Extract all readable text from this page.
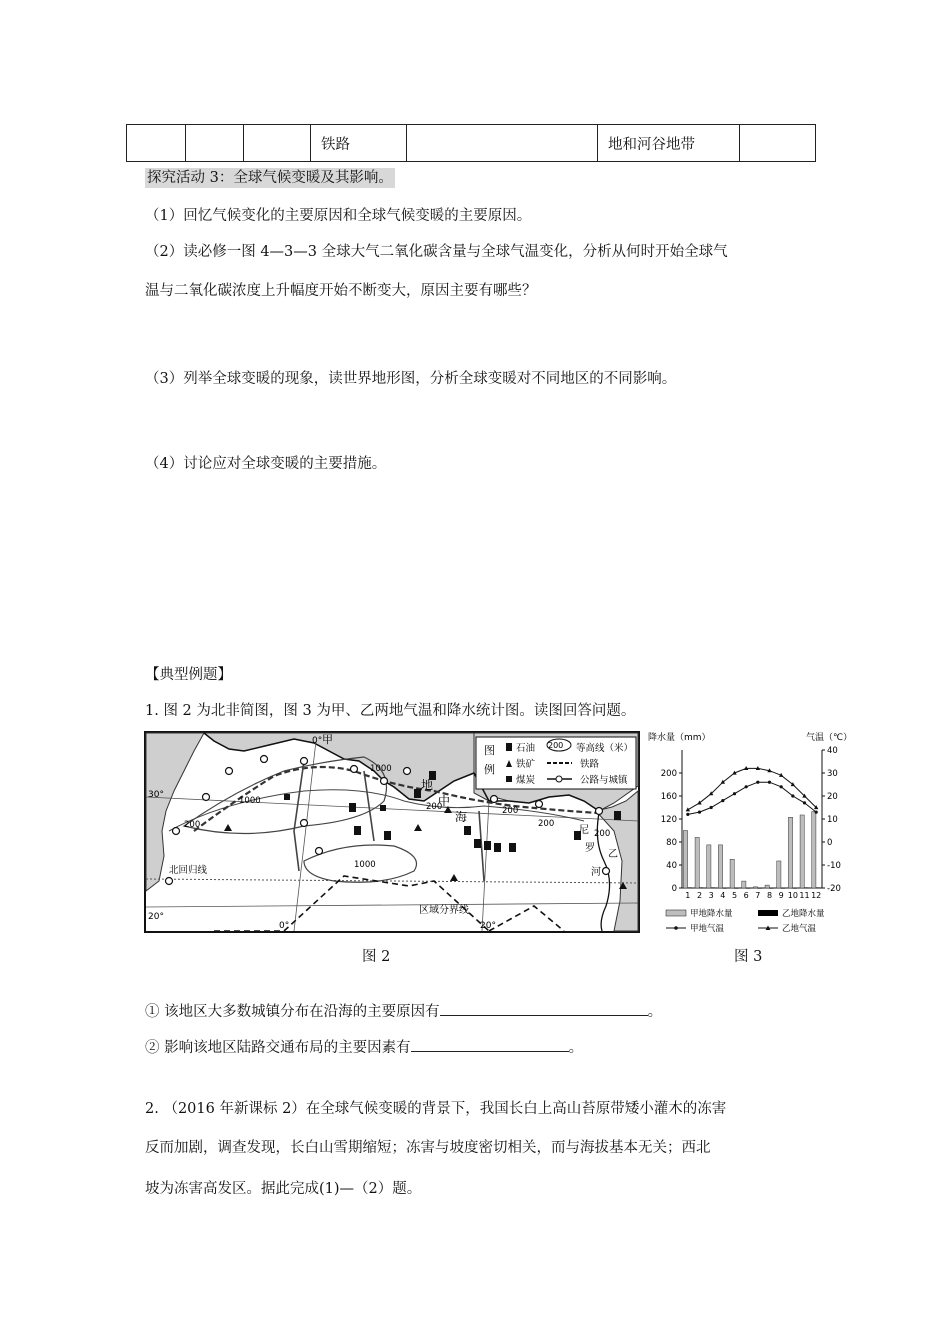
			铁路		地和河谷地带	
探究活动 3：全球气候变暖及其影响。
（1）回忆气候变化的主要原因和全球气候变暖的主要原因。
（2）读必修一图 4—3—3 全球大气二氧化碳含量与全球气温变化，分析从何时开始全球气
温与二氧化碳浓度上升幅度开始不断变大，原因主要有哪些？
（3）列举全球变暖的现象，读世界地形图，分析全球变暖对不同地区的不同影响。
（4）讨论应对全球变暖的主要措施。
【典型例题】
1. 图 2 为北非简图，图 3 为甲、乙两地气温和降水统计图。读图回答问题。
图
例
石油 200 等高线（米）
铁矿	铁路
煤炭	公路与城镇
0° 甲
地
中
海
30°
北回归线
20°
0°	20°
区域分界线
1000
1000
1000
200
200	200
200
200
尼
罗
河
乙
降水量（mm）	气温（℃）
0
40
80
120
160
200
-20
-10
0
10
20
30
40
1 2 3 4 5 6 7 8 9 10 11 12
甲地降水量	乙地降水量
甲地气温	乙地气温
图 2	图 3
① 该地区大多数城镇分布在沿海的主要原因有	。
② 影响该地区陆路交通布局的主要因素有	。
2. （2016 年新课标 2）在全球气候变暖的背景下，我国长白上高山苔原带矮小灌木的冻害
反而加剧，调查发现，长白山雪期缩短；冻害与坡度密切相关，而与海拔基本无关；西北
坡为冻害高发区。据此完成(1)—（2）题。
